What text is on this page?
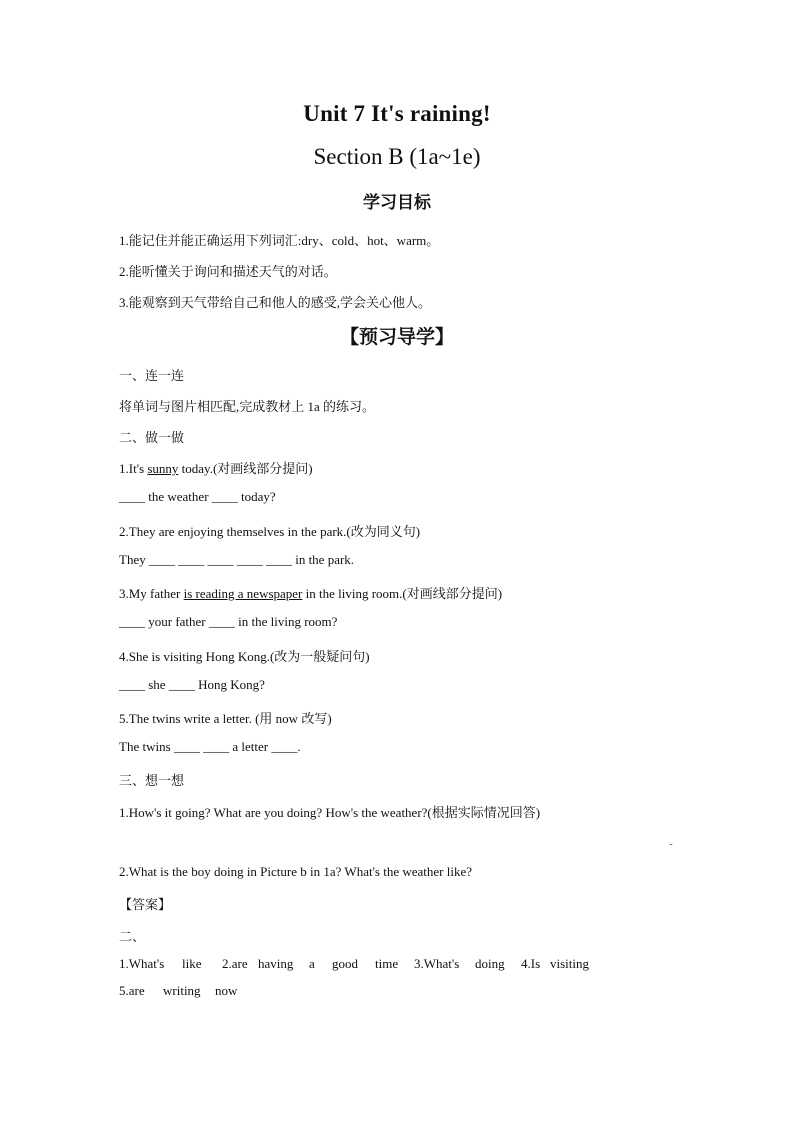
Unit 7 It's raining!
Section B (1a~1e)
学习目标
1.能记住并能正确运用下列词汇:dry、cold、hot、warm。
2.能听懂关于询问和描述天气的对话。
3.能观察到天气带给自己和他人的感受,学会关心他人。
【预习导学】
一、连一连
将单词与图片相匹配,完成教材上 1a 的练习。
二、做一做
1.It's sunny today.(对画线部分提问)
____ the weather ____ today?
2.They are enjoying themselves in the park.(改为同义句)
They ____ ____ ____ ____ ____ in the park.
3.My father is reading a newspaper in the living room.(对画线部分提问)
____ your father ____ in the living room?
4.She is visiting Hong Kong.(改为一般疑问句)
____ she ____ Hong Kong?
5.The twins write a letter. (用 now 改写)
The twins ____ ____ a letter ____.
三、想一想
1.How's it going? What are you doing? How's the weather?(根据实际情况回答)
-
2.What is the boy doing in Picture b in 1a? What's the weather like?
【答案】
二、
1.What's like 2.are having a good time 3.What's doing 4.Is visiting
5.are writing now
